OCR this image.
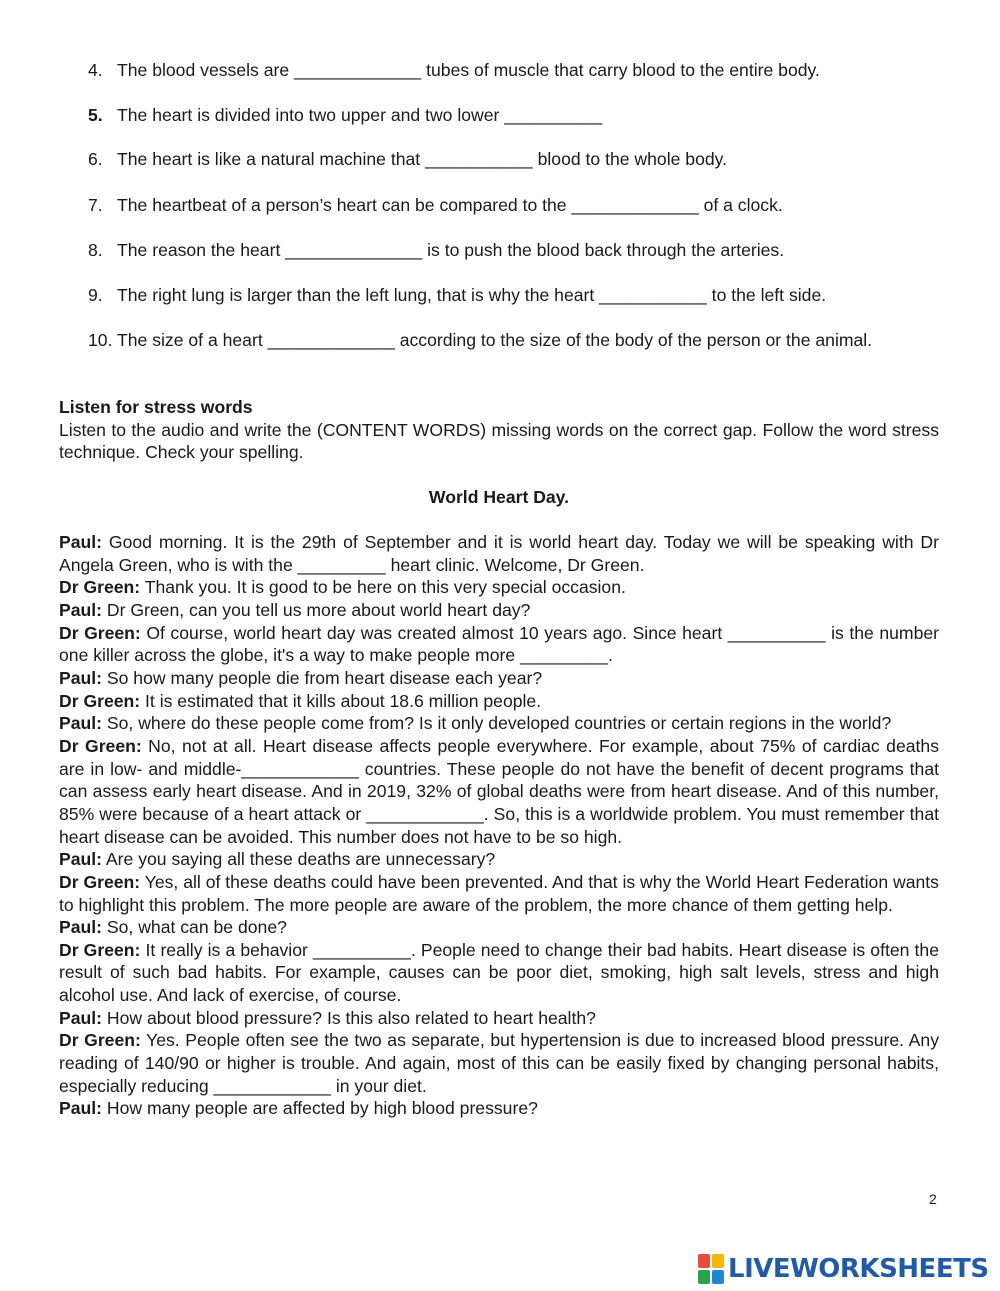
4. The blood vessels are _____________ tubes of muscle that carry blood to the entire body.
5. The heart is divided into two upper and two lower __________
6. The heart is like a natural machine that ___________ blood to the whole body.
7. The heartbeat of a person’s heart can be compared to the _____________ of a clock.
8. The reason the heart ______________ is to push the blood back through the arteries.
9. The right lung is larger than the left lung, that is why the heart ___________ to the left side.
10. The size of a heart _____________ according to the size of the body of the person or the animal.
Listen for stress words
Listen to the audio and write the (CONTENT WORDS) missing words on the correct gap. Follow the word stress technique. Check your spelling.
World Heart Day.

Paul: Good morning. It is the 29th of September and it is world heart day. Today we will be speaking with Dr Angela Green, who is with the _________ heart clinic. Welcome, Dr Green.

Dr Green: Thank you. It is good to be here on this very special occasion.

Paul: Dr Green, can you tell us more about world heart day?

Dr Green: Of course, world heart day was created almost 10 years ago. Since heart __________ is the number one killer across the globe, it's a way to make people more _________.

Paul: So how many people die from heart disease each year?

Dr Green: It is estimated that it kills about 18.6 million people.

Paul: So, where do these people come from? Is it only developed countries or certain regions in the world?

Dr Green: No, not at all. Heart disease affects people everywhere. For example, about 75% of cardiac deaths are in low- and middle-____________ countries. These people do not have the benefit of decent programs that can assess early heart disease. And in 2019, 32% of global deaths were from heart disease. And of this number, 85% were because of a heart attack or ____________. So, this is a worldwide problem. You must remember that heart disease can be avoided. This number does not have to be so high.

Paul: Are you saying all these deaths are unnecessary?

Dr Green: Yes, all of these deaths could have been prevented. And that is why the World Heart Federation wants to highlight this problem. The more people are aware of the problem, the more chance of them getting help.

Paul: So, what can be done?

Dr Green: It really is a behavior __________. People need to change their bad habits. Heart disease is often the result of such bad habits. For example, causes can be poor diet, smoking, high salt levels, stress and high alcohol use. And lack of exercise, of course.

Paul: How about blood pressure? Is this also related to heart health?

Dr Green: Yes. People often see the two as separate, but hypertension is due to increased blood pressure. Any reading of 140/90 or higher is trouble. And again, most of this can be easily fixed by changing personal habits, especially reducing ____________ in your diet.

Paul: How many people are affected by high blood pressure?

2
LIVEWORKSHEETS
